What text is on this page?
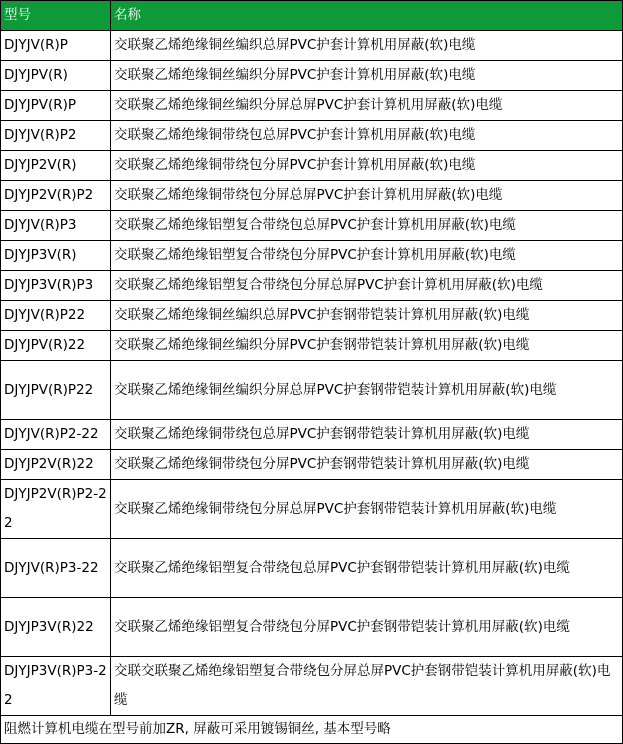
型号	名称
DJYJV(R)P	交联聚乙烯绝缘铜丝编织总屏PVC护套计算机用屏蔽(软)电缆
DJYJPV(R)	交联聚乙烯绝缘铜丝编织分屏PVC护套计算机用屏蔽(软)电缆
DJYJPV(R)P	交联聚乙烯绝缘铜丝编织分屏总屏PVC护套计算机用屏蔽(软)电缆
DJYJV(R)P2	交联聚乙烯绝缘铜带绕包总屏PVC护套计算机用屏蔽(软)电缆
DJYJP2V(R)	交联聚乙烯绝缘铜带绕包分屏PVC护套计算机用屏蔽(软)电缆
DJYJP2V(R)P2	交联聚乙烯绝缘铜带绕包分屏总屏PVC护套计算机用屏蔽(软)电缆
DJYJV(R)P3	交联聚乙烯绝缘铝塑复合带绕包总屏PVC护套计算机用屏蔽(软)电缆
DJYJP3V(R)	交联聚乙烯绝缘铝塑复合带绕包分屏PVC护套计算机用屏蔽(软)电缆
DJYJP3V(R)P3	交联聚乙烯绝缘铝塑复合带绕包分屏总屏PVC护套计算机用屏蔽(软)电缆
DJYJV(R)P22	交联聚乙烯绝缘铜丝编织总屏PVC护套钢带铠装计算机用屏蔽(软)电缆
DJYJPV(R)22	交联聚乙烯绝缘铜丝编织分屏PVC护套钢带铠装计算机用屏蔽(软)电缆
DJYJPV(R)P22	交联聚乙烯绝缘铜丝编织分屏总屏PVC护套钢带铠装计算机用屏蔽(软)电缆
DJYJV(R)P2-22	交联聚乙烯绝缘铜带绕包总屏PVC护套钢带铠装计算机用屏蔽(软)电缆
DJYJP2V(R)22	交联聚乙烯绝缘铜带绕包分屏PVC护套钢带铠装计算机用屏蔽(软)电缆
DJYJP2V(R)P2-22	交联聚乙烯绝缘铜带绕包分屏总屏PVC护套钢带铠装计算机用屏蔽(软)电缆
DJYJV(R)P3-22	交联聚乙烯绝缘铝塑复合带绕包总屏PVC护套钢带铠装计算机用屏蔽(软)电缆
DJYJP3V(R)22	交联聚乙烯绝缘铝塑复合带绕包分屏PVC护套钢带铠装计算机用屏蔽(软)电缆
DJYJP3V(R)P3-22	交联交联聚乙烯绝缘铝塑复合带绕包分屏总屏PVC护套钢带铠装计算机用屏蔽(软)电缆
阻燃计算机电缆在型号前加ZR, 屏蔽可采用镀锡铜丝, 基本型号略	
